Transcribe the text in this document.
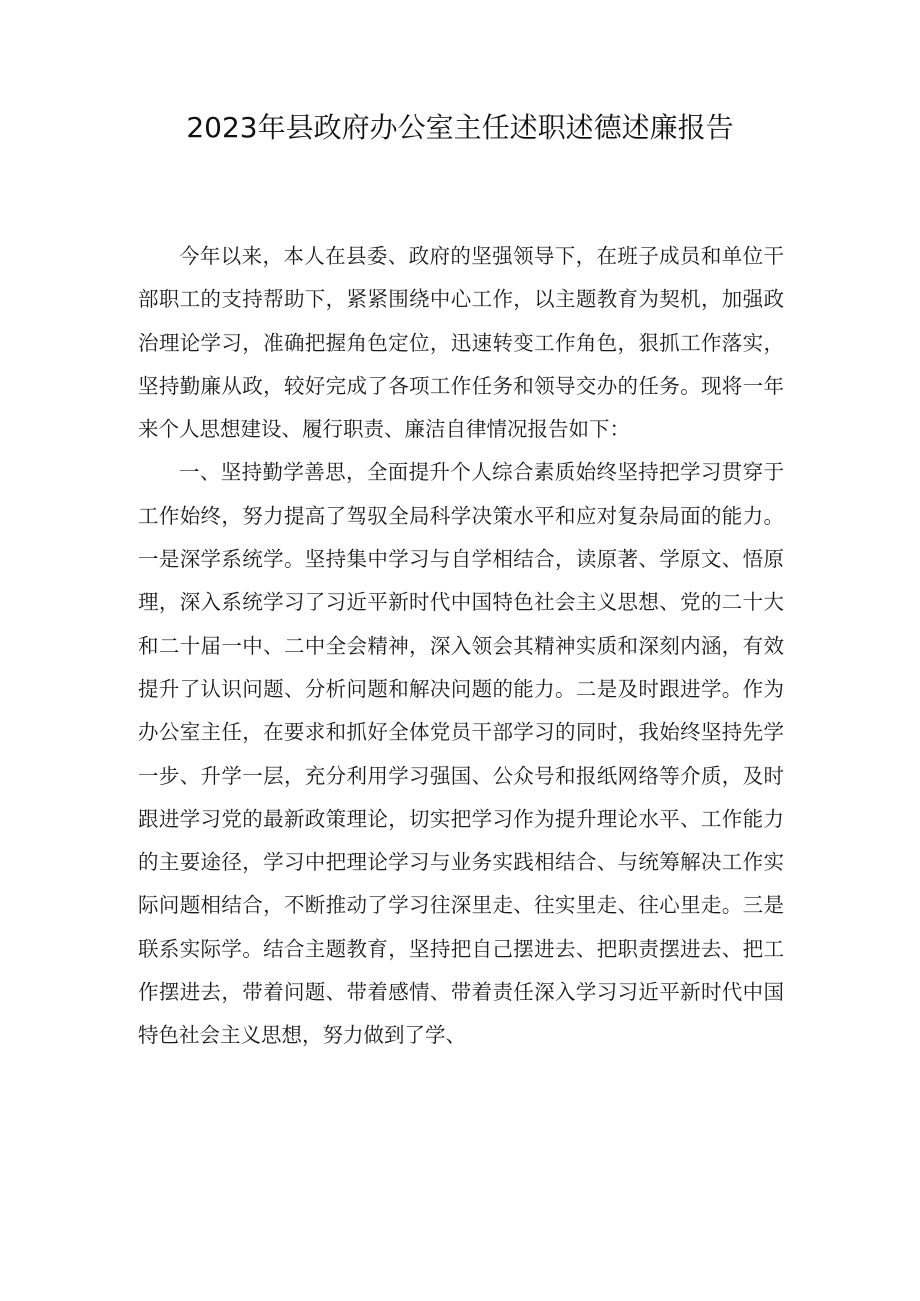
2023年县政府办公室主任述职述德述廉报告

今年以来，本人在县委、政府的坚强领导下，在班子成员和单位干部职工的支持帮助下，紧紧围绕中心工作，以主题教育为契机，加强政治理论学习，准确把握角色定位，迅速转变工作角色，狠抓工作落实，坚持勤廉从政，较好完成了各项工作任务和领导交办的任务。现将一年来个人思想建设、履行职责、廉洁自律情况报告如下：

一、坚持勤学善思，全面提升个人综合素质始终坚持把学习贯穿于工作始终，努力提高了驾驭全局科学决策水平和应对复杂局面的能力。一是深学系统学。坚持集中学习与自学相结合，读原著、学原文、悟原理，深入系统学习了习近平新时代中国特色社会主义思想、党的二十大和二十届一中、二中全会精神，深入领会其精神实质和深刻内涵，有效提升了认识问题、分析问题和解决问题的能力。二是及时跟进学。作为办公室主任，在要求和抓好全体党员干部学习的同时，我始终坚持先学一步、升学一层，充分利用学习强国、公众号和报纸网络等介质，及时跟进学习党的最新政策理论，切实把学习作为提升理论水平、工作能力的主要途径，学习中把理论学习与业务实践相结合、与统筹解决工作实际问题相结合，不断推动了学习往深里走、往实里走、往心里走。三是联系实际学。结合主题教育，坚持把自己摆进去、把职责摆进去、把工作摆进去，带着问题、带着感情、带着责任深入学习习近平新时代中国特色社会主义思想，努力做到了学、
